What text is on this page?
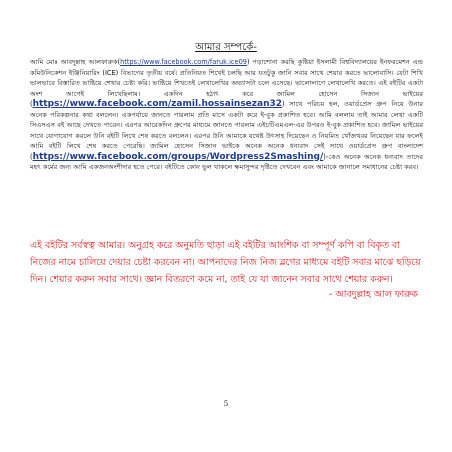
আমার সম্পর্কে-
আমি মোঃ আবদুল্লাহ আলফারুক(https://www.facebook.com/faruk.ice09) পড়াশোনা করছি কুষ্টিয়া ইসলামী বিশ্ববিদ্যালয়ের ইনফরমেশন এন্ড কমিউনিকেশন ইঞ্জিনিয়ারিং (ICE) বিভাগের তৃতীয় বর্ষে। প্রতিনিয়ত শিখেই চলছি আর যতটুকু জানি সবার সাথে শেয়ার করতে ভালোবাসি। যেটা শিখি ভালভাবে বিস্তারিত ভাষ্টিয়ে শেখার চেষ্টা করি। ভাষ্টিয়ে শিখতেই লেখালেখির অভ্যাসটা চলে এসেছে। ভালোলাগে লেখালেখি করতে। এই বইটির একটা অংশ আগেই লিখেছিলাম। একদিন হঠাৎ করে জামিল হোসেন সিজান ভাইয়ের (https://www.facebook.com/zamil.hossainsezan32) সাথে পরিচয় হল, ওয়ার্ডপ্রেস গ্রুপ নিয়ে উনার অনেক পরিকল্পনার কথা বললেন। একপর্যায়ে জানতে পারলাম প্রতি মাসে একটা করে ই-বুক প্রকাশিত হবে। আমি বললাম তাই আমার লেখা একটি সিএসএস বই আছে দেখতে পারেন। এরপর আরেকদিন গ্রুপের মাধ্যমে জানতে পারলাম এইচটিএমএল-এর উপরও ই-বুক প্রকাশিত হবে। জামিল ভাইয়ের সাথে যোগাযোগ করলে উনি বইটি লিখে শেষ করতে বললেন। এরপর উনি আমাকে যথেষ্ট উৎসাহ দিয়েছেন ও নিয়মিত খোঁজখবর নিয়েছেন যার ফলেই আমি বইটি লিখে শেষ করতে পেরেছি। জামিল হোসেন সিজান ভাইকে অনেক অনেক ধন্যবাদ সেই সাথে ওয়ার্ডপ্রেস গ্রুপ বাংলাদেশ (https://www.facebook.com/groups/Wordpress2Smashing/)-কেও অনেক অনেক ধন্যবাদ তাদের মহৎ কর্মের জন্য আমি একজনঅংশীদার হতে পেরে। বইটিতে কোন ভুল থাকলে ক্ষমাসুন্দর দৃষ্টিতে দেখবেন এবং আমাকে জানালে সমাধানের চেষ্টা করব।
এই বইটির সর্বস্বত্ব আমার। অনুগ্রহ করে অনুমতি ছাড়া এই বইটির আংশিক বা সম্পূর্ণ কপি বা বিকৃত বা নিজের নামে চালিয়ে দেয়ার চেষ্টা করবেন না। আপনাদের নিজ নিজ ব্লগের মাধ্যমে বইটি সবার মাঝে ছড়িয়ে দিন। শেয়ার করুন সবার সাথে। জ্ঞান বিতরণে কমে না, তাই যে যা জানেন সবার সাথে শেয়ার করুন।
- আবদুল্লাহ আল ফারুক
5
